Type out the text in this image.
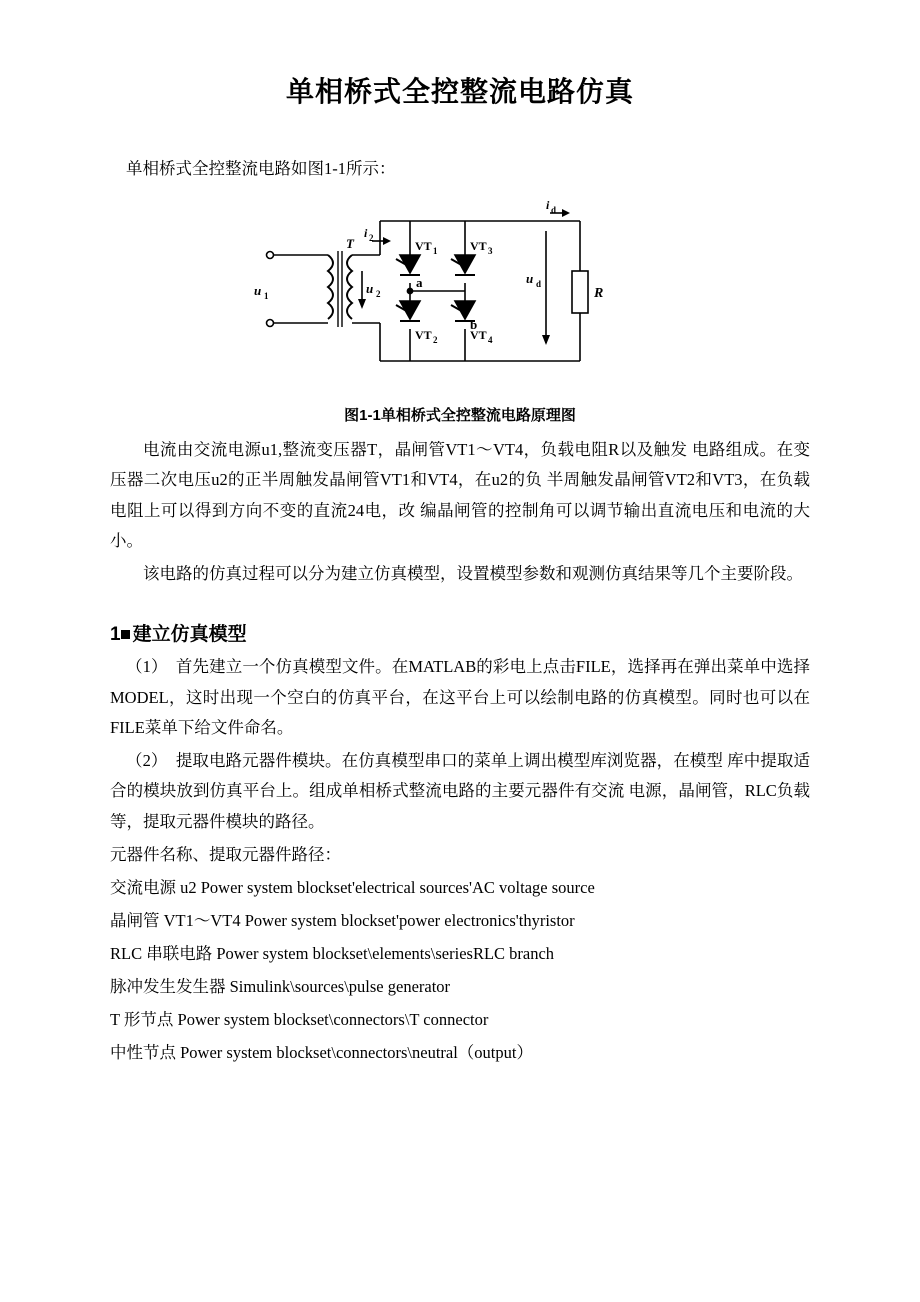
单相桥式全控整流电路仿真

单相桥式全控整流电路如图1-1所示：

u 1
T
i 2
u 2
VT 1	VT 3
VT 2	VT 4
a
b
u d
R
i d
图1-1单相桥式全控整流电路原理图

电流由交流电源u1,整流变压器T，晶闸管VT1〜VT4，负载电阻R以及触发 电路组成。在变压器二次电压u2的正半周触发晶闸管VT1和VT4，在u2的负 半周触发晶闸管VT2和VT3，在负载电阻上可以得到方向不变的直流24电，改 编晶闸管的控制角可以调节输出直流电压和电流的大小。

该电路的仿真过程可以分为建立仿真模型，设置模型参数和观测仿真结果等几个主要阶段。

1 建立仿真模型

（1）　首先建立一个仿真模型文件。在MATLAB的彩电上点击FILE，选择再在弹出菜单中选择MODEL，这时出现一个空白的仿真平台，在这平台上可以绘制电路的仿真模型。同时也可以在FILE菜单下给文件命名。

（2）　提取电路元器件模块。在仿真模型串口的菜单上调出模型库浏览器，在模型 库中提取适合的模块放到仿真平台上。组成单相桥式整流电路的主要元器件有交流 电源，晶闸管，RLC负载等，提取元器件模块的路径。

元器件名称、提取元器件路径：

交流电源 u2 Power system blockset'electrical sources'AC voltage source

晶闸管 VT1〜VT4 Power system blockset'power electronics'thyristor

RLC 串联电路 Power system blockset\elements\seriesRLC branch

脉冲发生发生器 Simulink\sources\pulse generator

T 形节点 Power system blockset\connectors\T connector

中性节点 Power system blockset\connectors\neutral（output）
